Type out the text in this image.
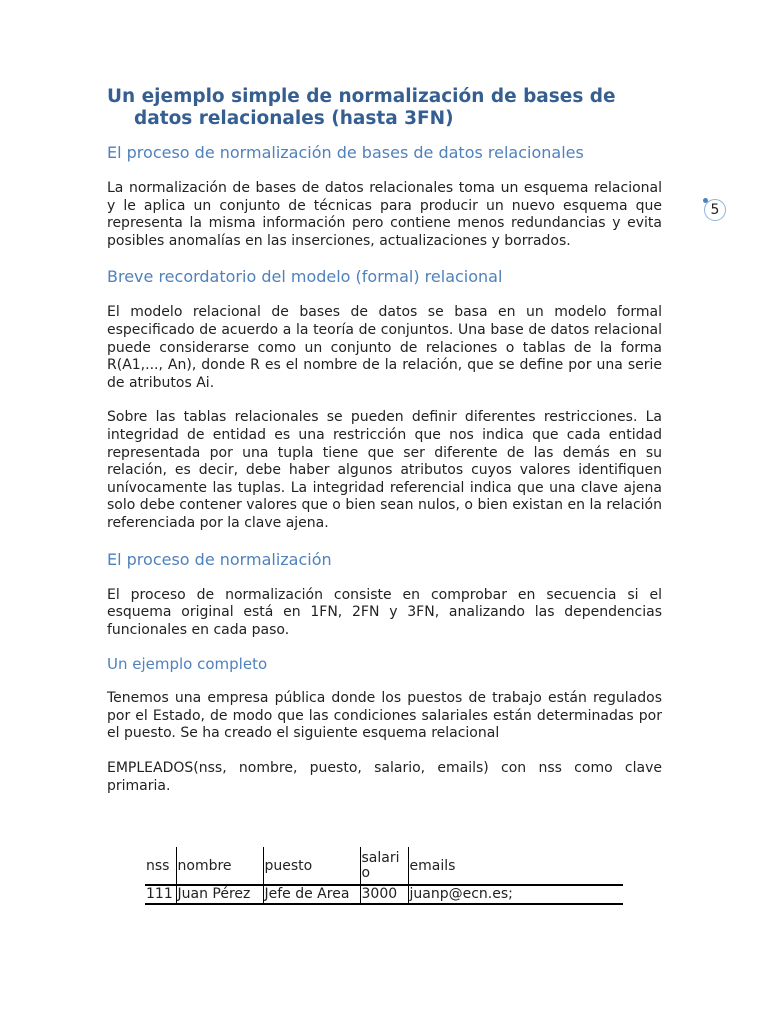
5
Un ejemplo simple de normalización de bases de datos relacionales (hasta 3FN)
El proceso de normalización de bases de datos relacionales

La normalización de bases de datos relacionales toma un esquema relacional y le aplica un conjunto de técnicas para producir un nuevo esquema que representa la misma información pero contiene menos redundancias y evita posibles anomalías en las inserciones, actualizaciones y borrados.

Breve recordatorio del modelo (formal) relacional

El modelo relacional de bases de datos se basa en un modelo formal especificado de acuerdo a la teoría de conjuntos. Una base de datos relacional puede considerarse como un conjunto de relaciones o tablas de la forma R(A1,..., An), donde R es el nombre de la relación, que se define por una serie de atributos Ai.

Sobre las tablas relacionales se pueden definir diferentes restricciones. La integridad de entidad es una restricción que nos indica que cada entidad representada por una tupla tiene que ser diferente de las demás en su relación, es decir, debe haber algunos atributos cuyos valores identifiquen unívocamente las tuplas. La integridad referencial indica que una clave ajena solo debe contener valores que o bien sean nulos, o bien existan en la relación referenciada por la clave ajena.

El proceso de normalización

El proceso de normalización consiste en comprobar en secuencia si el esquema original está en 1FN, 2FN y 3FN, analizando las dependencias funcionales en cada paso.

Un ejemplo completo

Tenemos una empresa pública donde los puestos de trabajo están regulados por el Estado, de modo que las condiciones salariales están determinadas por el puesto. Se ha creado el siguiente esquema relacional

EMPLEADOS(nss, nombre, puesto, salario, emails) con nss como clave primaria.

nss	nombre	puesto	salario	emails
111	Juan Pérez	Jefe de Area	3000	juanp@ecn.es;
